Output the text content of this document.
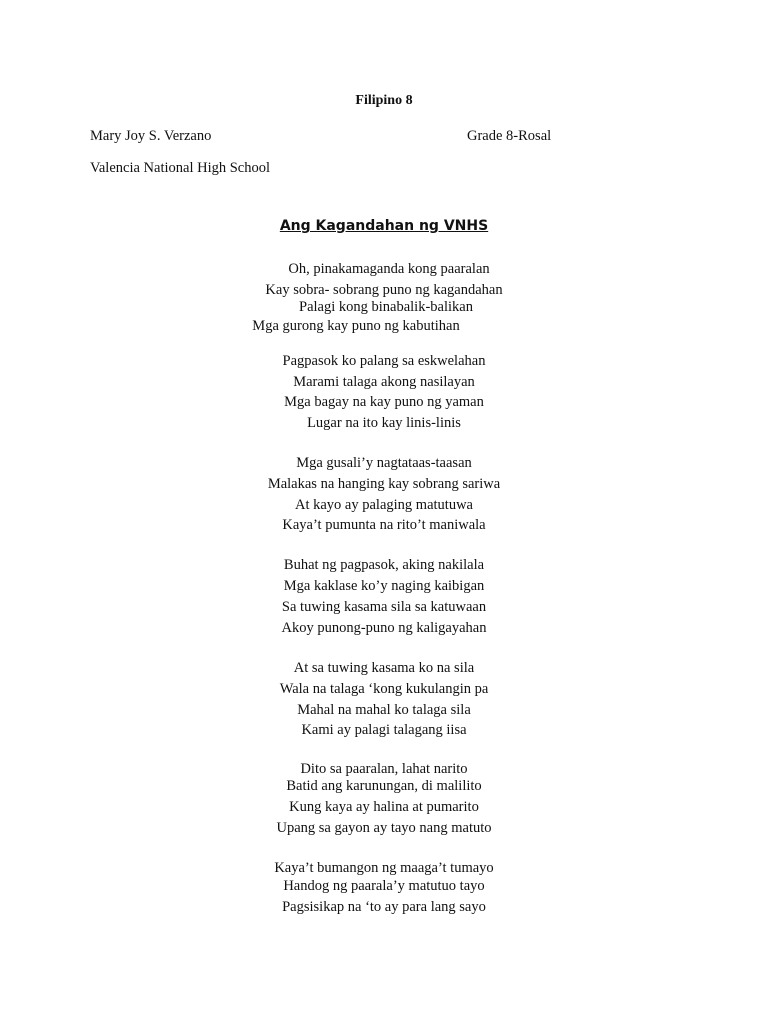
Filipino 8
Mary Joy S. Verzano	Grade 8-Rosal
Valencia National High School
Ang Kagandahan ng VNHS
Oh, pinakamaganda kong paaralan
Kay sobra- sobrang puno ng kagandahan
Palagi kong binabalik-balikan
Mga gurong kay puno ng kabutihan
Pagpasok ko palang sa eskwelahan
Marami talaga akong nasilayan
Mga bagay na kay puno ng yaman
Lugar na ito kay linis-linis
Mga gusali’y nagtataas-taasan
Malakas na hanging kay sobrang sariwa
At kayo ay palaging matutuwa
Kaya’t pumunta na rito’t maniwala
Buhat ng pagpasok, aking nakilala
Mga kaklase ko’y naging kaibigan
Sa tuwing kasama sila sa katuwaan
Akoy punong-puno ng kaligayahan
At sa tuwing kasama ko na sila
Wala na talaga ‘kong kukulangin pa
Mahal na mahal ko talaga sila
Kami ay palagi talagang iisa
Dito sa paaralan, lahat narito
Batid ang karunungan, di malilito
Kung kaya ay halina at pumarito
Upang sa gayon ay tayo nang matuto
Kaya’t bumangon ng maaga’t tumayo
Handog ng paarala’y matutuo tayo
Pagsisikap na ‘to ay para lang sayo
